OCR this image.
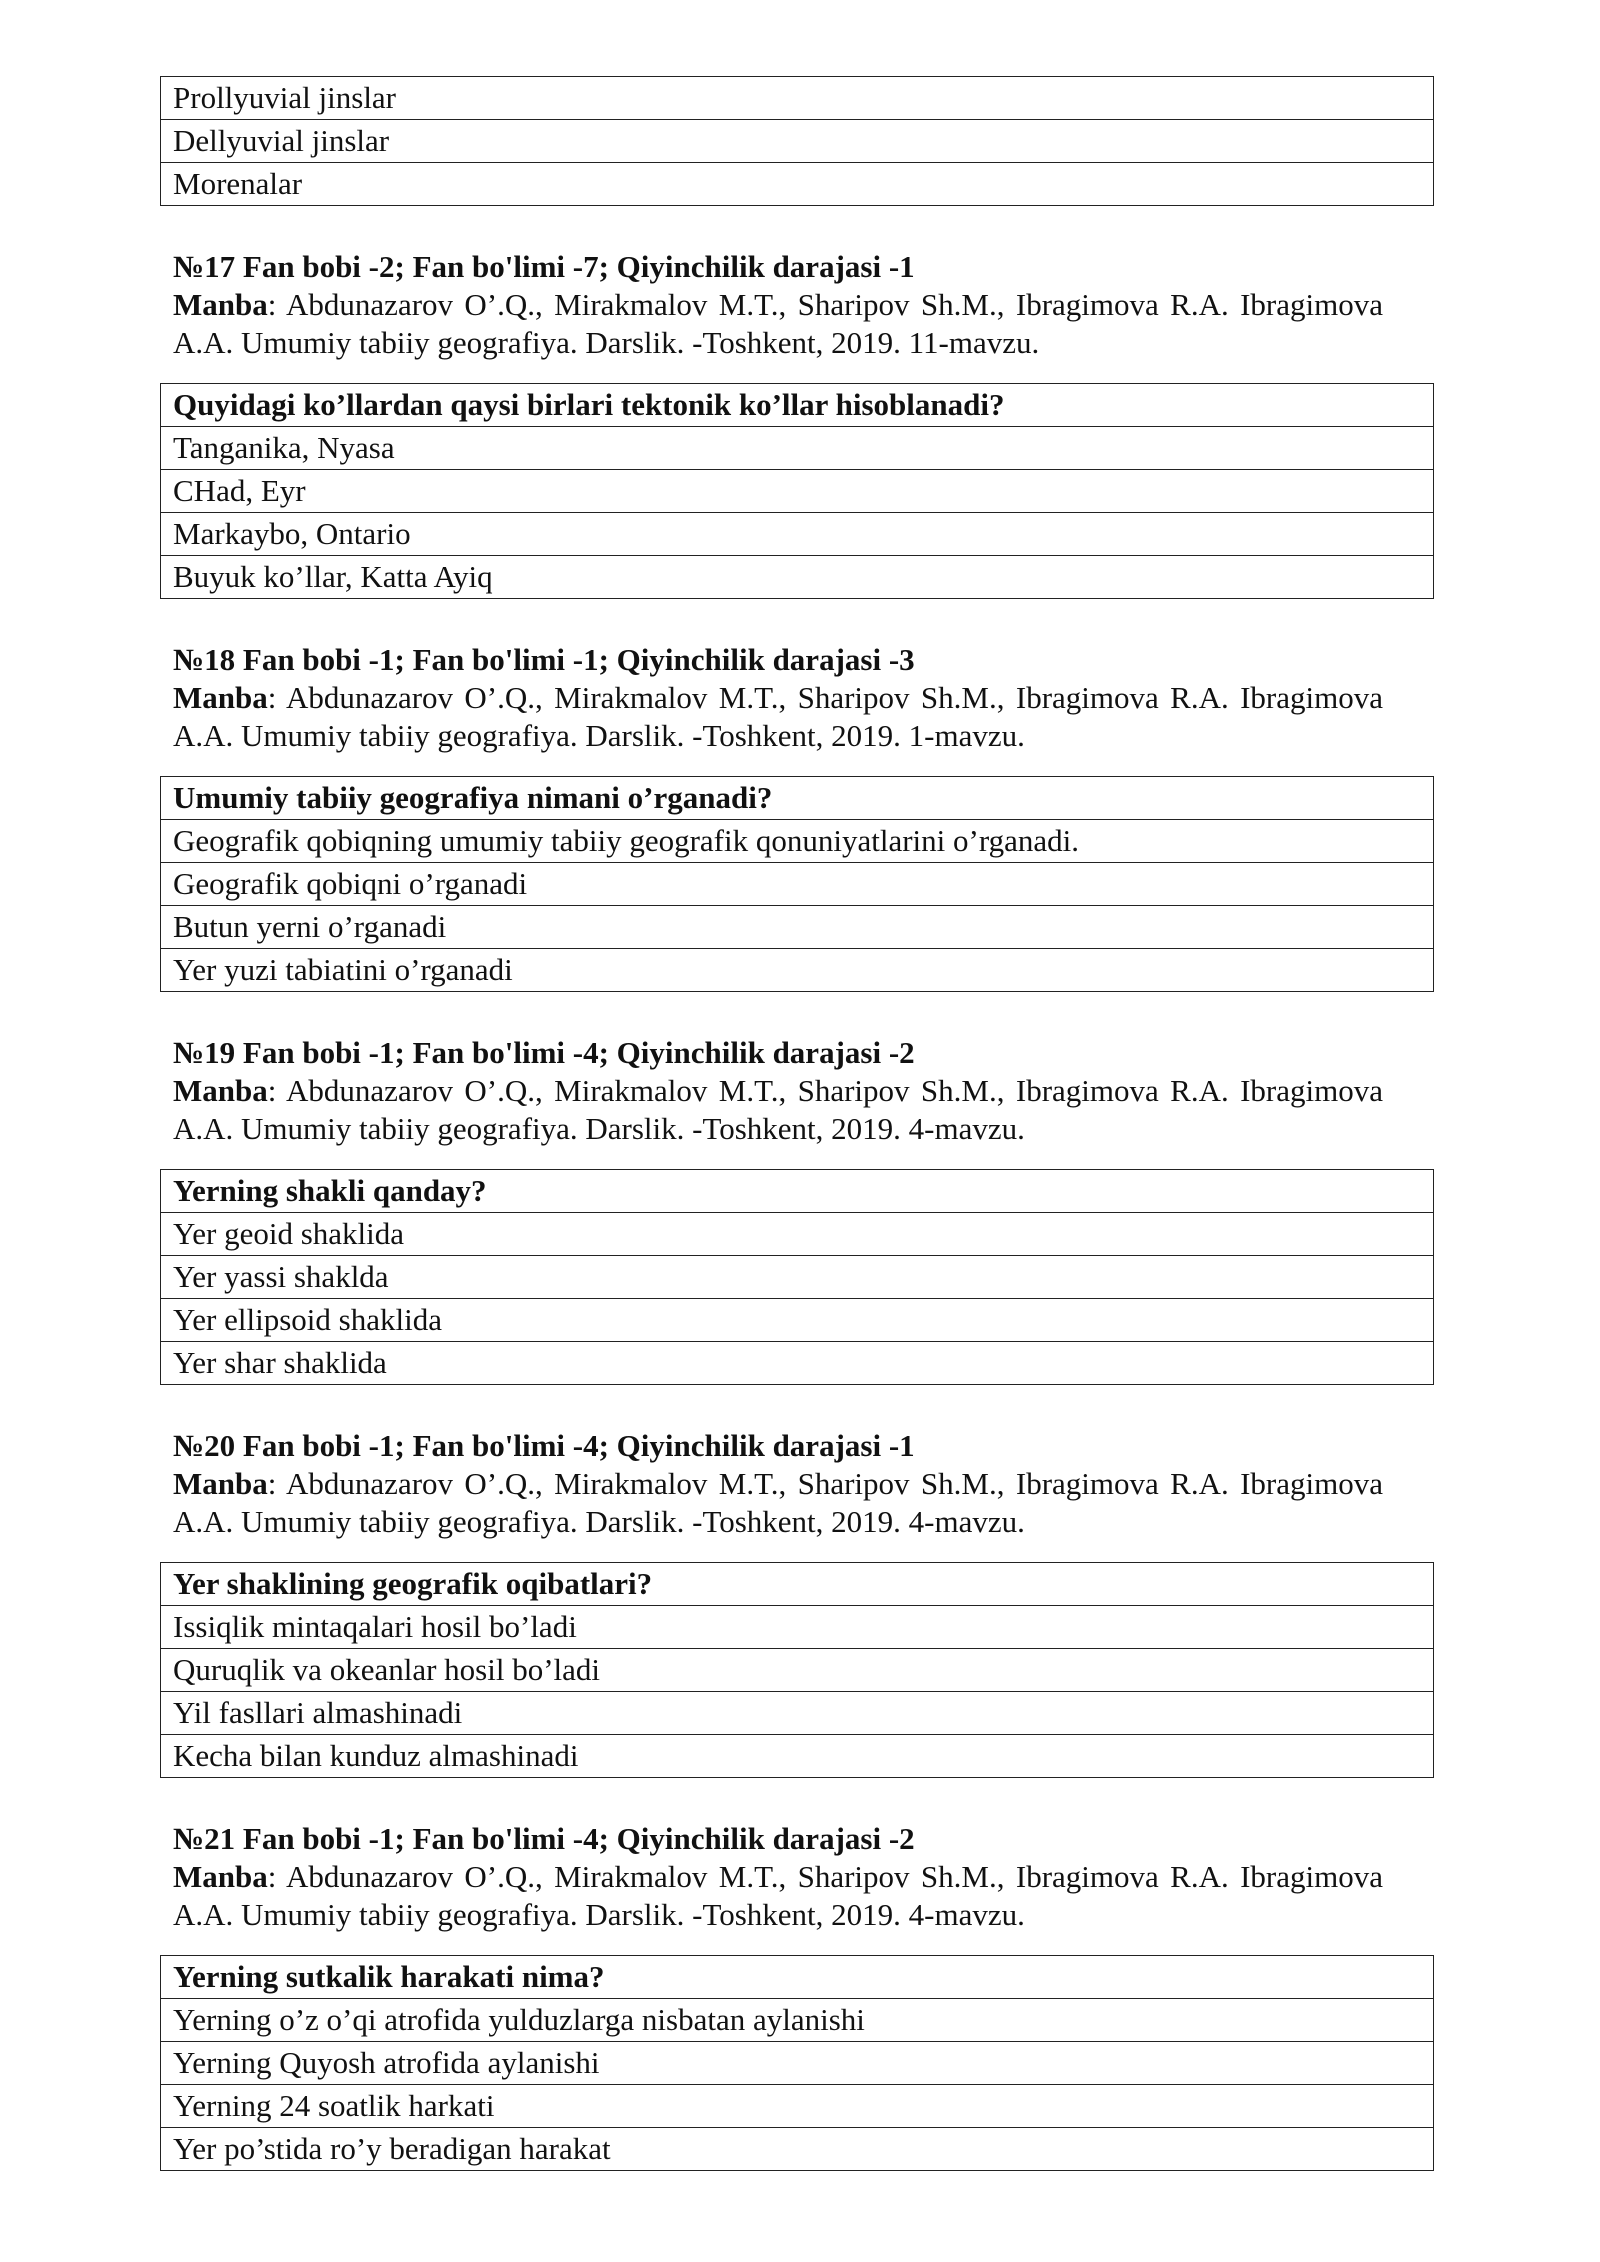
Prollyuvial jinslar
Dellyuvial jinslar
Morenalar
№17 Fan bobi -2; Fan bo'limi -7; Qiyinchilik darajasi -1
Manba: Abdunazarov O’.Q., Mirakmalov M.T., Sharipov Sh.M., Ibragimova R.A. Ibragimova A.A. Umumiy tabiiy geografiya. Darslik. -Toshkent, 2019. 11-mavzu.
Quyidagi ko’llardan qaysi birlari tektonik ko’llar hisoblanadi?
Tanganika, Nyasa
CHad, Eyr
Markaybo, Ontario
Buyuk ko’llar, Katta Ayiq
№18 Fan bobi -1; Fan bo'limi -1; Qiyinchilik darajasi -3
Manba: Abdunazarov O’.Q., Mirakmalov M.T., Sharipov Sh.M., Ibragimova R.A. Ibragimova A.A. Umumiy tabiiy geografiya. Darslik. -Toshkent, 2019. 1-mavzu.
Umumiy tabiiy geografiya nimani o’rganadi?
Geografik qobiqning umumiy tabiiy geografik qonuniyatlarini o’rganadi.
Geografik qobiqni o’rganadi
Butun yerni o’rganadi
Yer yuzi tabiatini o’rganadi
№19 Fan bobi -1; Fan bo'limi -4; Qiyinchilik darajasi -2
Manba: Abdunazarov O’.Q., Mirakmalov M.T., Sharipov Sh.M., Ibragimova R.A. Ibragimova A.A. Umumiy tabiiy geografiya. Darslik. -Toshkent, 2019. 4-mavzu.
Yerning shakli qanday?
Yer geoid shaklida
Yer yassi shaklda
Yer ellipsoid shaklida
Yer shar shaklida
№20 Fan bobi -1; Fan bo'limi -4; Qiyinchilik darajasi -1
Manba: Abdunazarov O’.Q., Mirakmalov M.T., Sharipov Sh.M., Ibragimova R.A. Ibragimova A.A. Umumiy tabiiy geografiya. Darslik. -Toshkent, 2019. 4-mavzu.
Yer shaklining geografik oqibatlari?
Issiqlik mintaqalari hosil bo’ladi
Quruqlik va okeanlar hosil bo’ladi
Yil fasllari almashinadi
Kecha bilan kunduz almashinadi
№21 Fan bobi -1; Fan bo'limi -4; Qiyinchilik darajasi -2
Manba: Abdunazarov O’.Q., Mirakmalov M.T., Sharipov Sh.M., Ibragimova R.A. Ibragimova A.A. Umumiy tabiiy geografiya. Darslik. -Toshkent, 2019. 4-mavzu.
Yerning sutkalik harakati nima?
Yerning o’z o’qi atrofida yulduzlarga nisbatan aylanishi
Yerning Quyosh atrofida aylanishi
Yerning 24 soatlik harkati
Yer po’stida ro’y beradigan harakat
